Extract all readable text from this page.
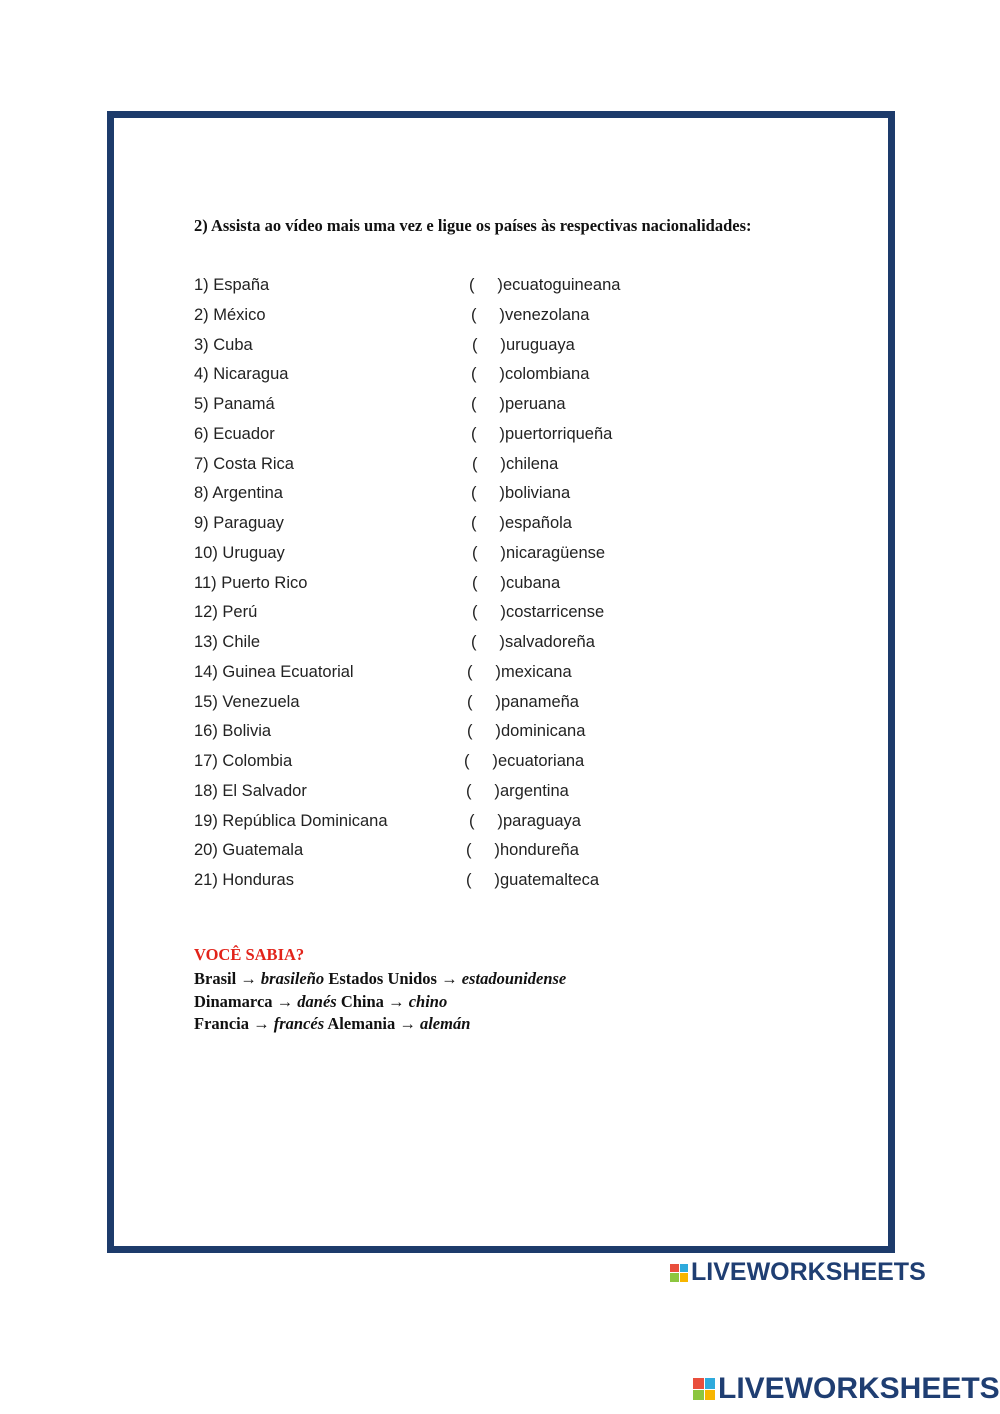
2) Assista ao vídeo mais uma vez e ligue os países às respectivas nacionalidades:
1) España	(     ) ecuatoguineana
2) México	(     ) venezolana
3) Cuba	(     ) uruguaya
4) Nicaragua	(     ) colombiana
5) Panamá	(     ) peruana
6) Ecuador	(     ) puertorriqueña
7) Costa Rica	(     ) chilena
8) Argentina	(     ) boliviana
9) Paraguay	(     ) española
10) Uruguay	(     ) nicaragüense
11) Puerto Rico	(     ) cubana
12) Perú	(     ) costarricense
13) Chile	(     ) salvadoreña
14) Guinea Ecuatorial	(     ) mexicana
15) Venezuela	(     ) panameña
16) Bolivia	(     ) dominicana
17) Colombia	(     ) ecuatoriana
18) El Salvador	(     ) argentina
19) República Dominicana	(     ) paraguaya
20) Guatemala	(     ) hondureña
21) Honduras	(     ) guatemalteca
VOCÊ SABIA?
Brasil → brasileño Estados Unidos → estadounidense
Dinamarca → danés China → chino
Francia → francés Alemania → alemán
LIVEWORKSHEETS
LIVEWORKSHEETS
